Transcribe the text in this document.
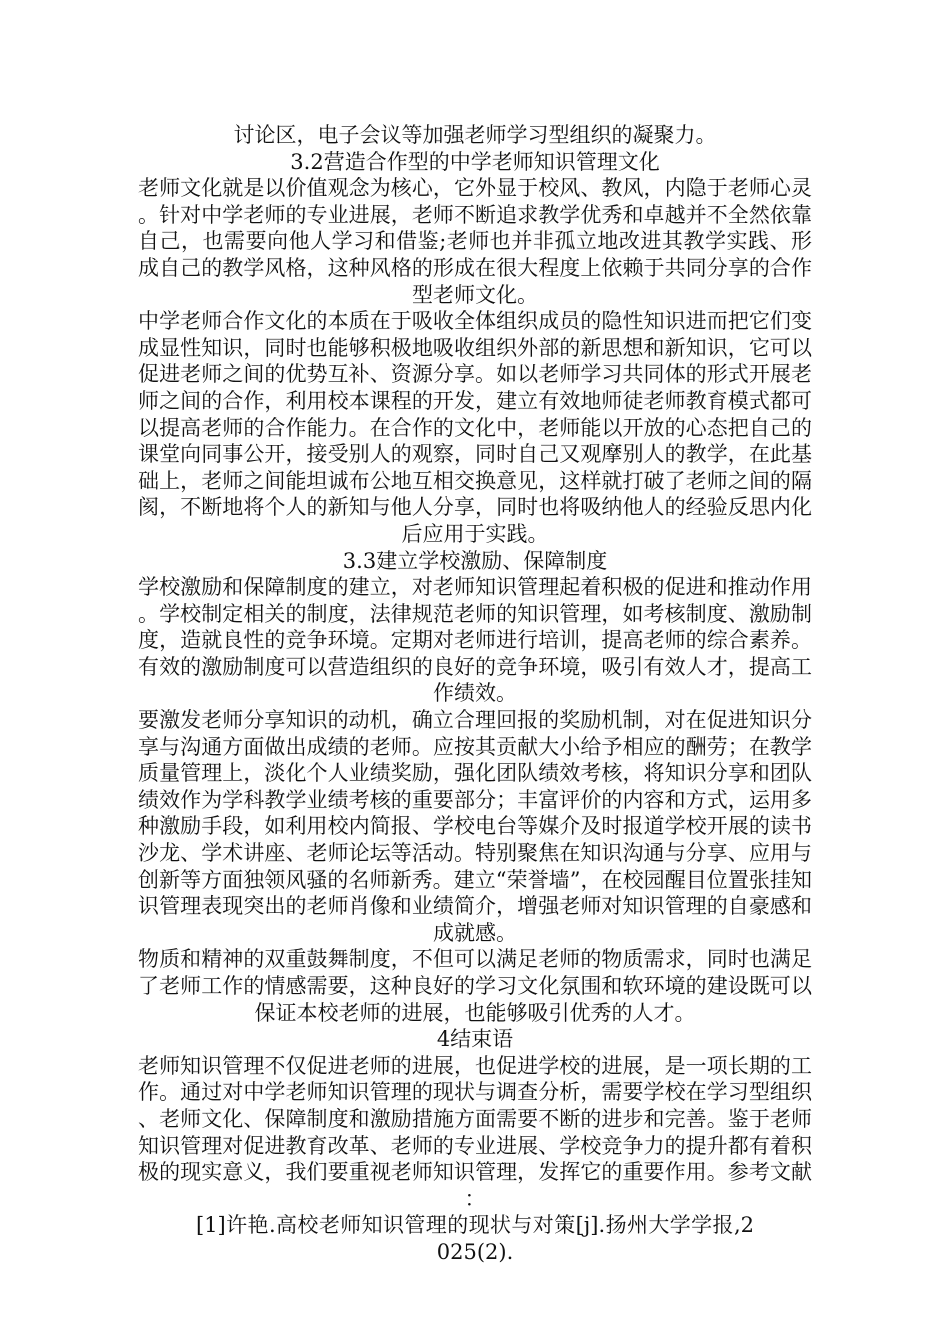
讨论区，电子会议等加强老师学习型组织的凝聚力。

3.2营造合作型的中学老师知识管理文化

老师文化就是以价值观念为核心，它外显于校风、教风，内隐于老师心灵。针对中学老师的专业进展，老师不断追求教学优秀和卓越并不全然依靠自己，也需要向他人学习和借鉴;老师也并非孤立地改进其教学实践、形成自己的教学风格，这种风格的形成在很大程度上依赖于共同分享的合作型老师文化。

中学老师合作文化的本质在于吸收全体组织成员的隐性知识进而把它们变成显性知识，同时也能够积极地吸收组织外部的新思想和新知识，它可以促进老师之间的优势互补、资源分享。如以老师学习共同体的形式开展老师之间的合作，利用校本课程的开发，建立有效地师徒老师教育模式都可以提高老师的合作能力。在合作的文化中，老师能以开放的心态把自己的课堂向同事公开，接受别人的观察，同时自己又观摩别人的教学，在此基础上，老师之间能坦诚布公地互相交换意见，这样就打破了老师之间的隔阂，不断地将个人的新知与他人分享，同时也将吸纳他人的经验反思内化后应用于实践。

3.3建立学校激励、保障制度

学校激励和保障制度的建立，对老师知识管理起着积极的促进和推动作用。学校制定相关的制度，法律规范老师的知识管理，如考核制度、激励制度，造就良性的竞争环境。定期对老师进行培训，提高老师的综合素养。有效的激励制度可以营造组织的良好的竞争环境，吸引有效人才，提高工作绩效。

要激发老师分享知识的动机，确立合理回报的奖励机制，对在促进知识分享与沟通方面做出成绩的老师。应按其贡献大小给予相应的酬劳；在教学质量管理上，淡化个人业绩奖励，强化团队绩效考核，将知识分享和团队绩效作为学科教学业绩考核的重要部分；丰富评价的内容和方式，运用多种激励手段，如利用校内简报、学校电台等媒介及时报道学校开展的读书沙龙、学术讲座、老师论坛等活动。特别聚焦在知识沟通与分享、应用与创新等方面独领风骚的名师新秀。建立“荣誉墙”，在校园醒目位置张挂知识管理表现突出的老师肖像和业绩简介，增强老师对知识管理的自豪感和成就感。

物质和精神的双重鼓舞制度，不但可以满足老师的物质需求，同时也满足了老师工作的情感需要，这种良好的学习文化氛围和软环境的建设既可以保证本校老师的进展，也能够吸引优秀的人才。

4结束语

老师知识管理不仅促进老师的进展，也促进学校的进展，是一项长期的工作。通过对中学老师知识管理的现状与调查分析，需要学校在学习型组织、老师文化、保障制度和激励措施方面需要不断的进步和完善。鉴于老师知识管理对促进教育改革、老师的专业进展、学校竞争力的提升都有着积极的现实意义，我们要重视老师知识管理，发挥它的重要作用。参考文献：

[1]许艳.高校老师知识管理的现状与对策[j].扬州大学学报,2025(2).
